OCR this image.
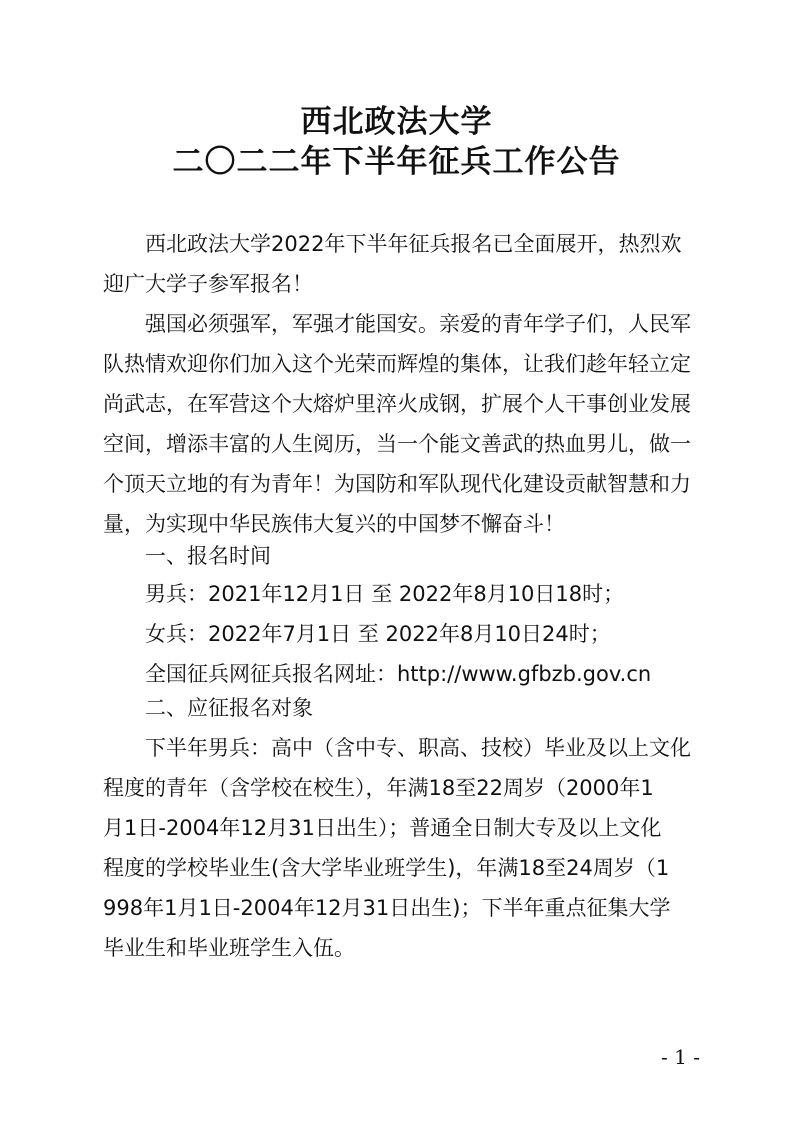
西北政法大学
二〇二二年下半年征兵工作公告

西北政法大学2022年下半年征兵报名已全面展开，热烈欢

迎广大学子参军报名！

强国必须强军，军强才能国安。亲爱的青年学子们，人民军

队热情欢迎你们加入这个光荣而辉煌的集体，让我们趁年轻立定

尚武志，在军营这个大熔炉里淬火成钢，扩展个人干事创业发展

空间，增添丰富的人生阅历，当一个能文善武的热血男儿，做一

个顶天立地的有为青年！为国防和军队现代化建设贡献智慧和力

量，为实现中华民族伟大复兴的中国梦不懈奋斗！

一、报名时间

男兵：2021年12月1日 至 2022年8月10日18时；

女兵：2022年7月1日 至 2022年8月10日24时；

全国征兵网征兵报名网址：http://www.gfbzb.gov.cn

二、应征报名对象

下半年男兵：高中（含中专、职高、技校）毕业及以上文化

程度的青年（含学校在校生），年满18至22周岁（2000年1

月1日-2004年12月31日出生）；普通全日制大专及以上文化

程度的学校毕业生(含大学毕业班学生)，年满18至24周岁（1

998年1月1日-2004年12月31日出生)；下半年重点征集大学

毕业生和毕业班学生入伍。

- 1 -
